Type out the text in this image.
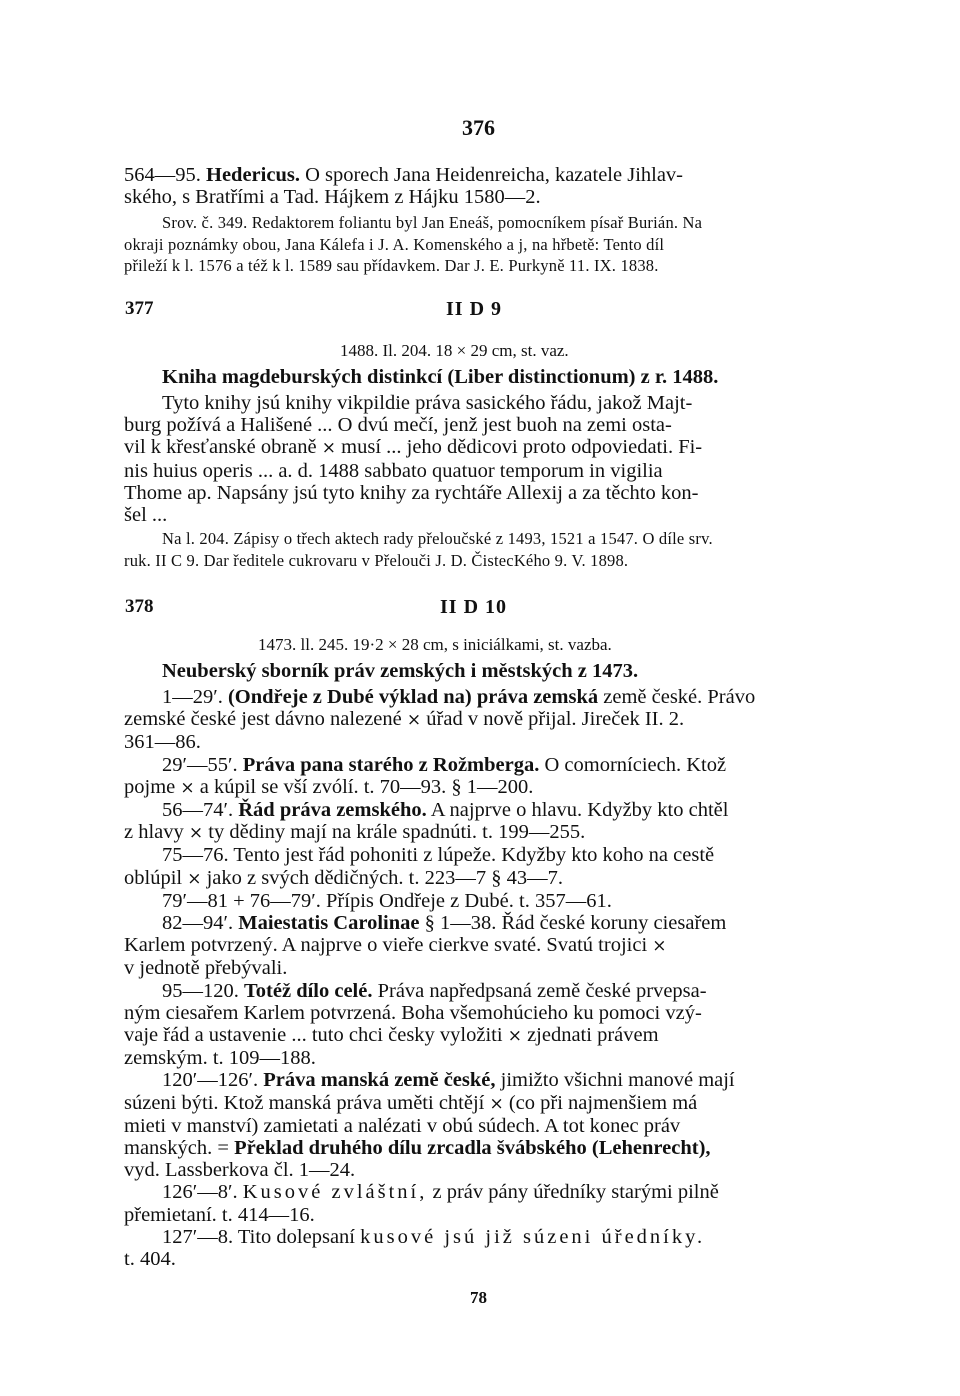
376

564—95. Hedericus. O sporech Jana Heidenreicha, kazatele Jihlav-

ského, s Bratřími a Tad. Hájkem z Hájku 1580—2.

Srov. č. 349. Redaktorem foliantu byl Jan Eneáš, pomocníkem písař Burián. Na

okraji poznámky obou, Jana Kálefa i J. A. Komenského a j, na hřbetě: Tento díl

přileží k l. 1576 a též k l. 1589 sau přídavkem. Dar J. E. Purkyně 11. IX. 1838.

377	II D 9
1488. Il. 204. 18 × 29 cm, st. vaz.
Kniha magdeburských distinkcí (Liber distinctionum) z r. 1488.

Tyto knihy jsú knihy vikpildie práva sasického řádu, jakož Majt-

burg požívá a Hališené ... O dvú mečí, jenž jest buoh na zemi osta-

vil k křesťanské obraně × musí ... jeho dědicovi proto odpoviedati. Fi-

nis huius operis ... a. d. 1488 sabbato quatuor temporum in vigilia

Thome ap. Napsány jsú tyto knihy za rychtáře Allexij a za těchto kon-

šel ...

Na l. 204. Zápisy o třech aktech rady přeloučské z 1493, 1521 a 1547. O díle srv.

ruk. II C 9. Dar ředitele cukrovaru v Přelouči J. D. ČistecKého 9. V. 1898.

378	II D 10
1473. ll. 245. 19·2 × 28 cm, s iniciálkami, st. vazba.
Neuberský sborník práv zemských i městských z 1473.

1—29′. (Ondřeje z Dubé výklad na) práva zemská země české. Právo

zemské české jest dávno nalezené × úřad v nově přijal. Jireček II. 2.

361—86.

29′—55′. Práva pana starého z Rožmberga. O comorníciech. Ktož

pojme × a kúpil se vší zvólí. t. 70—93. § 1—200.

56—74′. Řád práva zemského. A najprve o hlavu. Kdyžby kto chtěl

z hlavy × ty dědiny mají na krále spadnúti. t. 199—255.

75—76. Tento jest řád pohoniti z lúpeže. Kdyžby kto koho na cestě

oblúpil × jako z svých dědičných. t. 223—7 § 43—7.

79′—81 + 76—79′. Přípis Ondřeje z Dubé. t. 357—61.

82—94′. Maiestatis Carolinae § 1—38. Řád české koruny ciesařem

Karlem potvrzený. A najprve o vieře cierkve svaté. Svatú trojici ×

v jednotě přebývali.

95—120. Totéž dílo celé. Práva napředpsaná země české prvepsa-

ným ciesařem Karlem potvrzená. Boha všemohúcieho ku pomoci vzý-

vaje řád a ustavenie ... tuto chci česky vyložiti × zjednati právem

zemským. t. 109—188.

120′—126′. Práva manská země české, jimižto všichni manové mají

súzeni býti. Ktož manská práva uměti chtějí × (co při najmenšiem má

mieti v manství) zamietati a nalézati v obú súdech. A tot konec práv

manských. = Překlad druhého dílu zrcadla švábského (Lehenrecht),

vyd. Lassberkova čl. 1—24.

126′—8′. Kusové zvláštní, z práv pány úředníky starými pilně

přemietaní. t. 414—16.

127′—8. Tito dolepsaní kusové jsú již súzeni úředníky.

t. 404.

78
